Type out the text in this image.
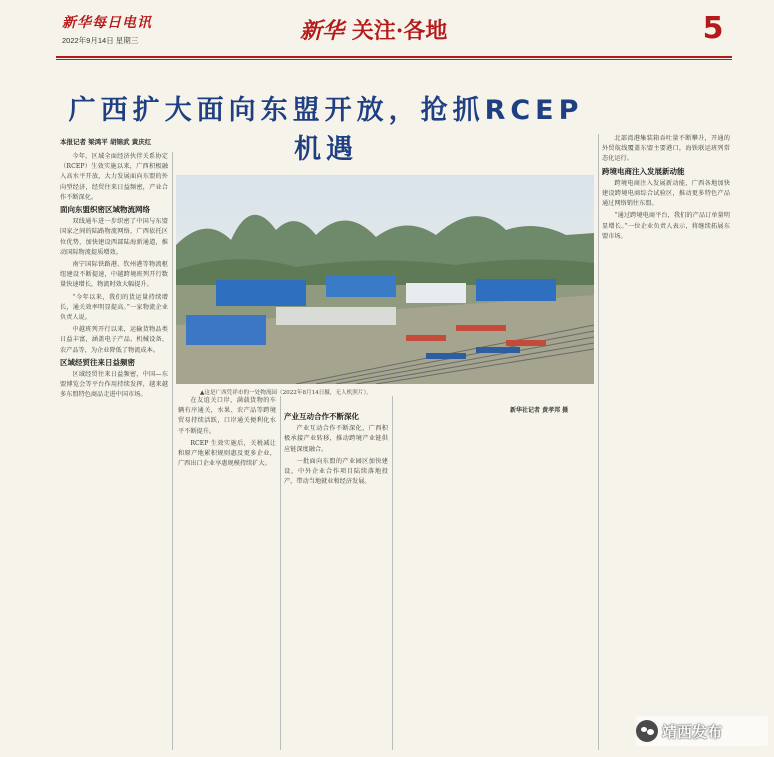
新华每日电讯
2022年9月14日 星期三	新华 关注·各地	5
广西扩大面向东盟开放，抢抓RCEP机遇
本报记者 梁鸿平 胡锦武 黄庆红

今年，区域全面经济伙伴关系协定（RCEP）生效实施以来，广西积极融入高水平开放，大力发展面向东盟的外向型经济，经贸往来日益频密，产业合作不断深化。

面向东盟织密区域物流网络

双线通车进一步织密了中国与东盟国家之间的陆路物流网络，广西依托区位优势，加快建设西部陆海新通道，推动国际物流提质增效。

南宁国际铁路港、钦州港等物流枢纽建设不断提速，中越跨境班列开行数量快速增长，物流时效大幅提升。

“今年以来，我们的货运量持续增长，通关效率明显提高。”一家物流企业负责人说。

中越班列开行以来，运输货物品类日益丰富，涵盖电子产品、机械设备、农产品等，为企业降低了物流成本。

区域经贸往来日益频密

区域经贸往来日益频密，中国—东盟博览会等平台作用持续发挥，越来越多东盟特色商品走进中国市场。	▲这是广西凭祥市的一处物流园（2022年8月14日摄，无人机照片）。
新华社记者 黄孝邦 摄

在友谊关口岸，满载货物的车辆有序通关，水果、农产品等跨境贸易持续活跃，口岸通关便利化水平不断提升。

RCEP 生效实施后，关税减让和原产地累积规则惠及更多企业，广西出口企业享惠规模持续扩大。

产业互动合作不断深化

产业互动合作不断深化，广西积极承接产业转移，推动跨境产业链供应链深度融合。

一批面向东盟的产业园区加快建设，中外企业合作项目陆续落地投产，带动当地就业和经济发展。

北部湾港集装箱吞吐量不断攀升，开通的外贸航线覆盖东盟主要港口，海铁联运班列常态化运行。

跨境电商注入发展新动能

跨境电商注入发展新动能，广西各地加快建设跨境电商综合试验区，推动更多特色产品通过网络销往东盟。

“通过跨境电商平台，我们的产品订单量明显增长。”一位企业负责人表示，将继续拓展东盟市场。

靖西发布
